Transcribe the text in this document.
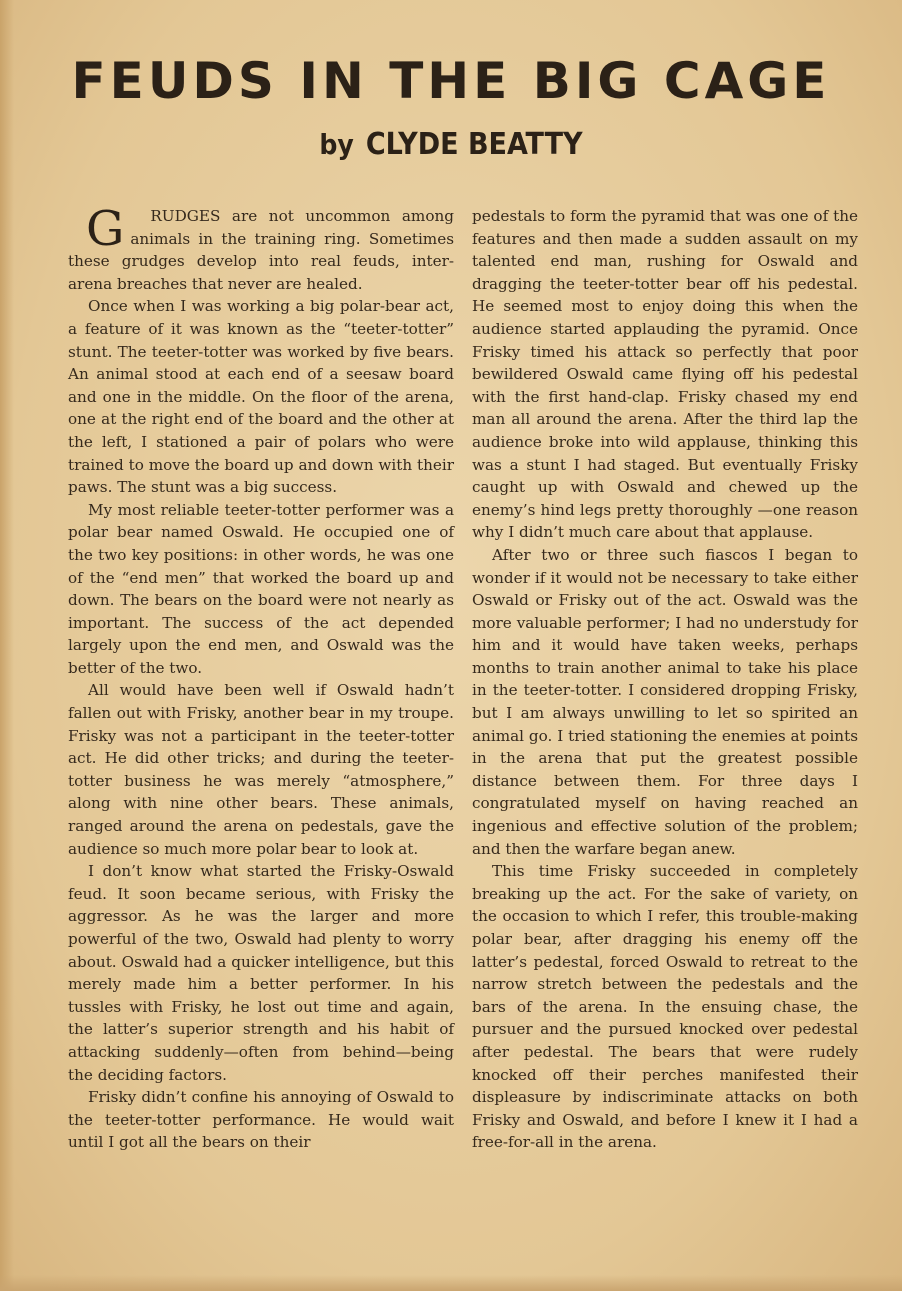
FEUDS IN THE BIG CAGE
by CLYDE BEATTY

G RUDGES are not uncommon among animals in the training ring. Sometimes these grudges develop into real feuds, inter-arena breaches that never are healed.

Once when I was working a big polar-bear act, a feature of it was known as the “teeter-totter” stunt. The teeter-totter was worked by five bears. An animal stood at each end of a seesaw board and one in the middle. On the floor of the arena, one at the right end of the board and the other at the left, I stationed a pair of polars who were trained to move the board up and down with their paws. The stunt was a big success.

My most reliable teeter-totter performer was a polar bear named Oswald. He occupied one of the two key positions: in other words, he was one of the “end men” that worked the board up and down. The bears on the board were not nearly as important. The success of the act depended largely upon the end men, and Oswald was the better of the two.

All would have been well if Oswald hadn’t fallen out with Frisky, another bear in my troupe. Frisky was not a participant in the teeter-totter act. He did other tricks; and during the teeter-totter business he was merely “atmosphere,” along with nine other bears. These animals, ranged around the arena on pedestals, gave the audience so much more polar bear to look at.

I don’t know what started the Frisky-Oswald feud. It soon became serious, with Frisky the aggressor. As he was the larger and more powerful of the two, Oswald had plenty to worry about. Oswald had a quicker intelligence, but this merely made him a better performer. In his tussles with Frisky, he lost out time and again, the latter’s superior strength and his habit of attacking suddenly—often from behind—being the deciding factors.

Frisky didn’t confine his annoying of Oswald to the teeter-totter performance. He would wait until I got all the bears on their

pedestals to form the pyramid that was one of the features and then made a sudden assault on my talented end man, rushing for Oswald and dragging the teeter-totter bear off his pedestal. He seemed most to enjoy doing this when the audience started applauding the pyramid. Once Frisky timed his attack so perfectly that poor bewildered Oswald came flying off his pedestal with the first hand-clap. Frisky chased my end man all around the arena. After the third lap the audience broke into wild applause, thinking this was a stunt I had staged. But eventually Frisky caught up with Oswald and chewed up the enemy’s hind legs pretty thoroughly —one reason why I didn’t much care about that applause.

After two or three such fiascos I began to wonder if it would not be necessary to take either Oswald or Frisky out of the act. Oswald was the more valuable performer; I had no understudy for him and it would have taken weeks, perhaps months to train another animal to take his place in the teeter-totter. I considered dropping Frisky, but I am always unwilling to let so spirited an animal go. I tried stationing the enemies at points in the arena that put the greatest possible distance between them. For three days I congratulated myself on having reached an ingenious and effective solution of the problem; and then the warfare began anew.

This time Frisky succeeded in completely breaking up the act. For the sake of variety, on the occasion to which I refer, this trouble-making polar bear, after dragging his enemy off the latter’s pedestal, forced Oswald to retreat to the narrow stretch between the pedestals and the bars of the arena. In the ensuing chase, the pursuer and the pursued knocked over pedestal after pedestal. The bears that were rudely knocked off their perches manifested their displeasure by indiscriminate attacks on both Frisky and Oswald, and before I knew it I had a free-for-all in the arena.
